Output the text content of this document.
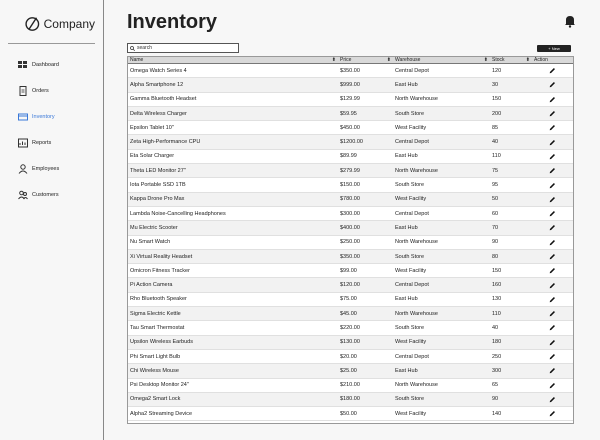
Company
Dashboard
Orders
Inventory
Reports
Employees
Customers
Inventory
search	+ New
Name	⬍ Price	⬍ Warehouse	⬍ Stock	⬍ Action
Omega Watch Series 4	$350.00	Central Depot	120
Alpha Smartphone 12	$999.00	East Hub	30
Gamma Bluetooth Headset	$129.99	North Warehouse	150
Delta Wireless Charger	$59.95	South Store	200
Epsilon Tablet 10"	$450.00	West Facility	85
Zeta High-Performance CPU	$1200.00	Central Depot	40
Eta Solar Charger	$89.99	East Hub	110
Theta LED Monitor 27"	$279.99	North Warehouse	75
Iota Portable SSD 1TB	$150.00	South Store	95
Kappa Drone Pro Max	$780.00	West Facility	50
Lambda Noise-Cancelling Headphones	$300.00	Central Depot	60
Mu Electric Scooter	$400.00	East Hub	70
Nu Smart Watch	$250.00	North Warehouse	90
Xi Virtual Reality Headset	$350.00	South Store	80
Omicron Fitness Tracker	$99.00	West Facility	150
Pi Action Camera	$120.00	Central Depot	160
Rho Bluetooth Speaker	$75.00	East Hub	130
Sigma Electric Kettle	$45.00	North Warehouse	110
Tau Smart Thermostat	$220.00	South Store	40
Upsilon Wireless Earbuds	$130.00	West Facility	180
Phi Smart Light Bulb	$20.00	Central Depot	250
Chi Wireless Mouse	$25.00	East Hub	300
Psi Desktop Monitor 24"	$210.00	North Warehouse	65
Omega2 Smart Lock	$180.00	South Store	90
Alpha2 Streaming Device	$50.00	West Facility	140
